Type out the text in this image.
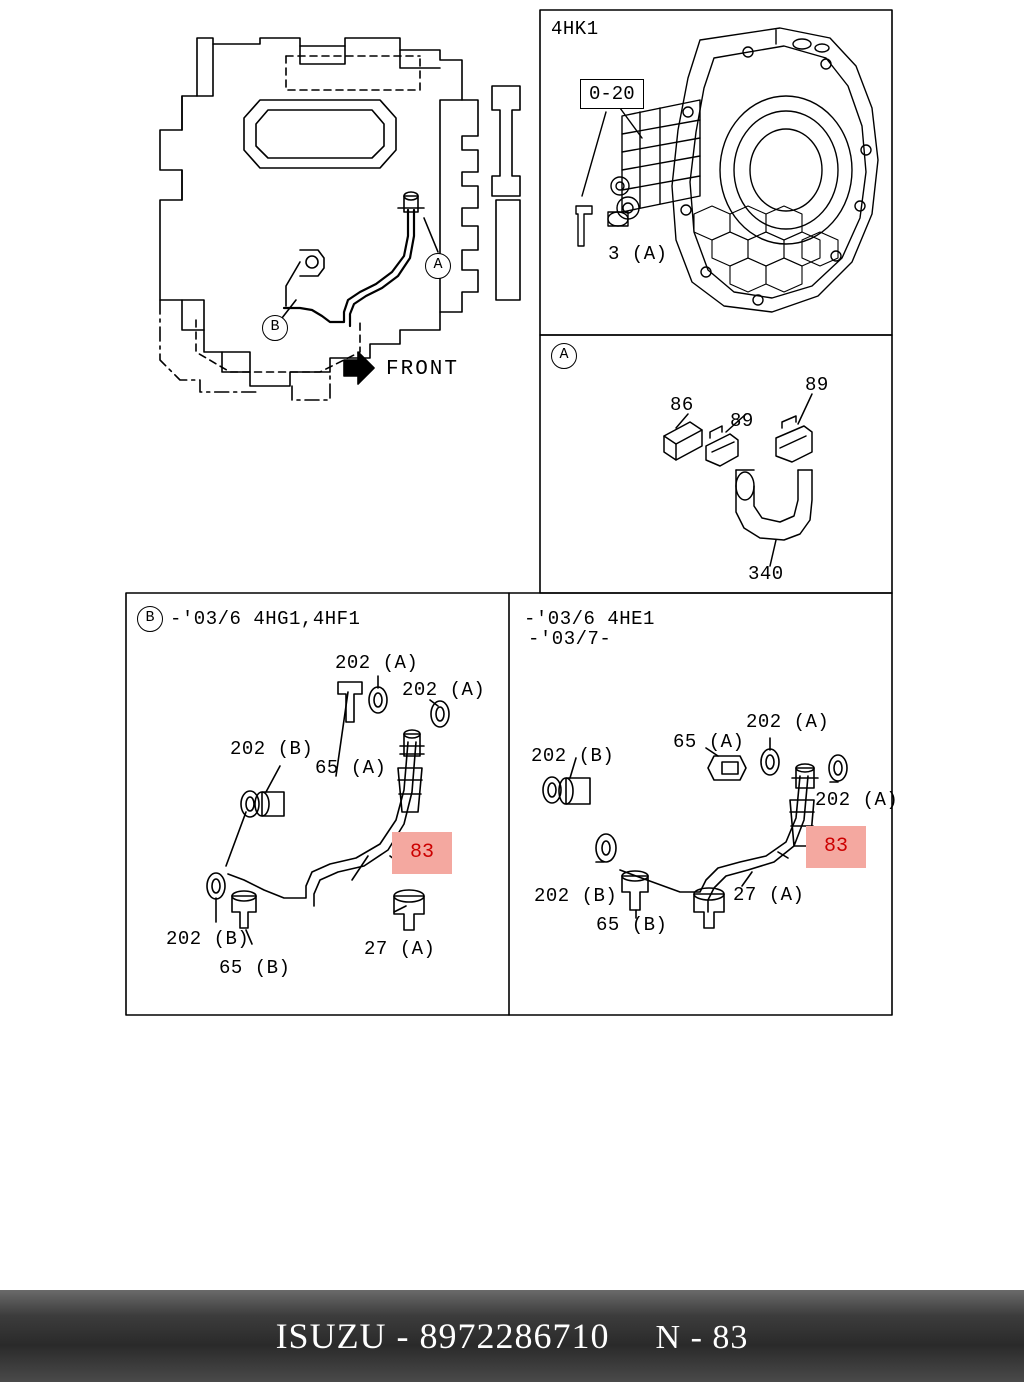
A
B
FRONT
4HK1
0-20
3 (A)
A
86
89
89
340
B -'03/6 4HG1,4HF1
202 (A)
202 (A)
202 (B)
65 (A)
202 (B)
65 (B)
27 (A)
83
-'03/6 4HE1
-'03/7-
202 (A)
202 (A)
202 (B)
202 (B)
65 (A)
65 (B)
27 (A)
83
ISUZU - 8972286710 N - 83
